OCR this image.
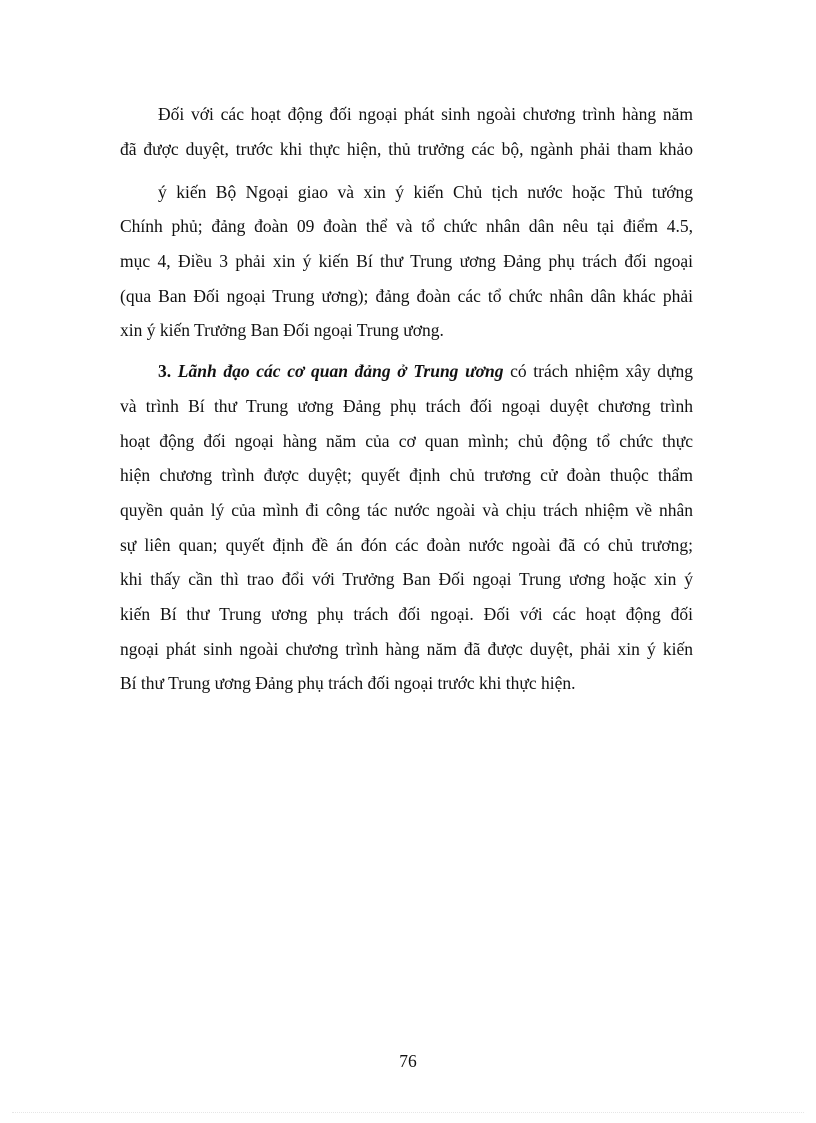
Đối với các hoạt động đối ngoại phát sinh ngoài chương trình hàng năm

đã được duyệt, trước khi thực hiện, thủ trưởng các bộ, ngành phải tham khảo

ý kiến Bộ Ngoại giao và xin ý kiến Chủ tịch nước hoặc Thủ tướng

Chính phủ; đảng đoàn 09 đoàn thể và tổ chức nhân dân nêu tại điểm 4.5,

mục 4, Điều 3 phải xin ý kiến Bí thư Trung ương Đảng phụ trách đối ngoại

(qua Ban Đối ngoại Trung ương); đảng đoàn các tổ chức nhân dân khác phải

xin ý kiến Trưởng Ban Đối ngoại Trung ương.

3. Lãnh đạo các cơ quan đảng ở Trung ương có trách nhiệm xây dựng

và trình Bí thư Trung ương Đảng phụ trách đối ngoại duyệt chương trình

hoạt động đối ngoại hàng năm của cơ quan mình; chủ động tổ chức thực

hiện chương trình được duyệt; quyết định chủ trương cử đoàn thuộc thẩm

quyền quản lý của mình đi công tác nước ngoài và chịu trách nhiệm về nhân

sự liên quan; quyết định đề án đón các đoàn nước ngoài đã có chủ trương;

khi thấy cần thì trao đổi với Trưởng Ban Đối ngoại Trung ương hoặc xin ý

kiến Bí thư Trung ương phụ trách đối ngoại. Đối với các hoạt động đối

ngoại phát sinh ngoài chương trình hàng năm đã được duyệt, phải xin ý kiến

Bí thư Trung ương Đảng phụ trách đối ngoại trước khi thực hiện.

76
